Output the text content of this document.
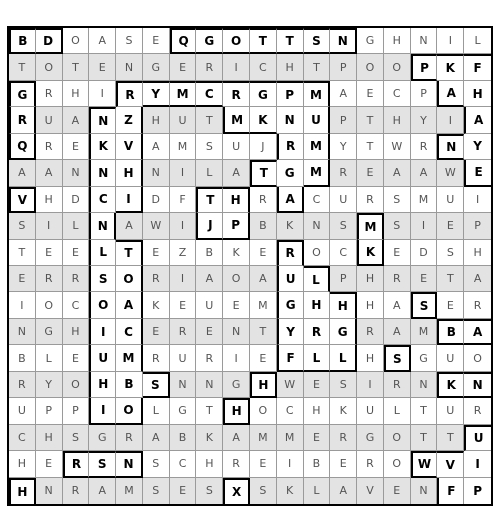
B	D	O	A	S	E	Q	G	O	T	T	S	N	G	H	N	I	L
T	O	T	E	N	G	E	R	I	C	H	T	P	O	O	P	K	F
G	R	H	I	R	Y	M	C	R	G	P	M	A	E	C	P	A	H
R	U	A	N	Z	H	U	T	M	K	N	U	P	T	H	Y	I	A
Q	R	E	K	V	A	M	S	U	J	R	M	Y	T	W	R	N	Y
A	A	N	N	H	N	I	L	A	T	G	M	R	E	A	A	W	E
V	H	D	C	I	D	F	T	H	R	A	C	U	R	S	M	U	I
S	I	L	N	A	W	I	J	P	B	K	N	S	M	S	I	E	P
T	E	E	L	T	E	Z	B	K	E	R	O	C	K	E	D	S	H
E	R	R	S	O	R	I	A	O	A	U	L	P	H	R	E	T	A
I	O	C	O	A	K	E	U	E	M	G	H	H	H	A	S	E	R
N	G	H	I	C	E	R	E	N	T	Y	R	G	R	A	M	B	A
B	L	E	U	M	R	U	R	I	E	F	L	L	H	S	G	U	O
R	Y	O	H	B	S	N	N	G	H	W	E	S	I	R	N	K	N
U	P	P	I	O	L	G	T	H	O	C	H	K	U	L	T	U	R
C	H	S	G	R	A	B	K	A	M	M	E	R	G	O	T	T	U
H	E	R	S	N	S	C	H	R	E	I	B	E	R	O	W	V	I
H	N	R	A	M	S	E	S	X	S	K	L	A	V	E	N	F	P
